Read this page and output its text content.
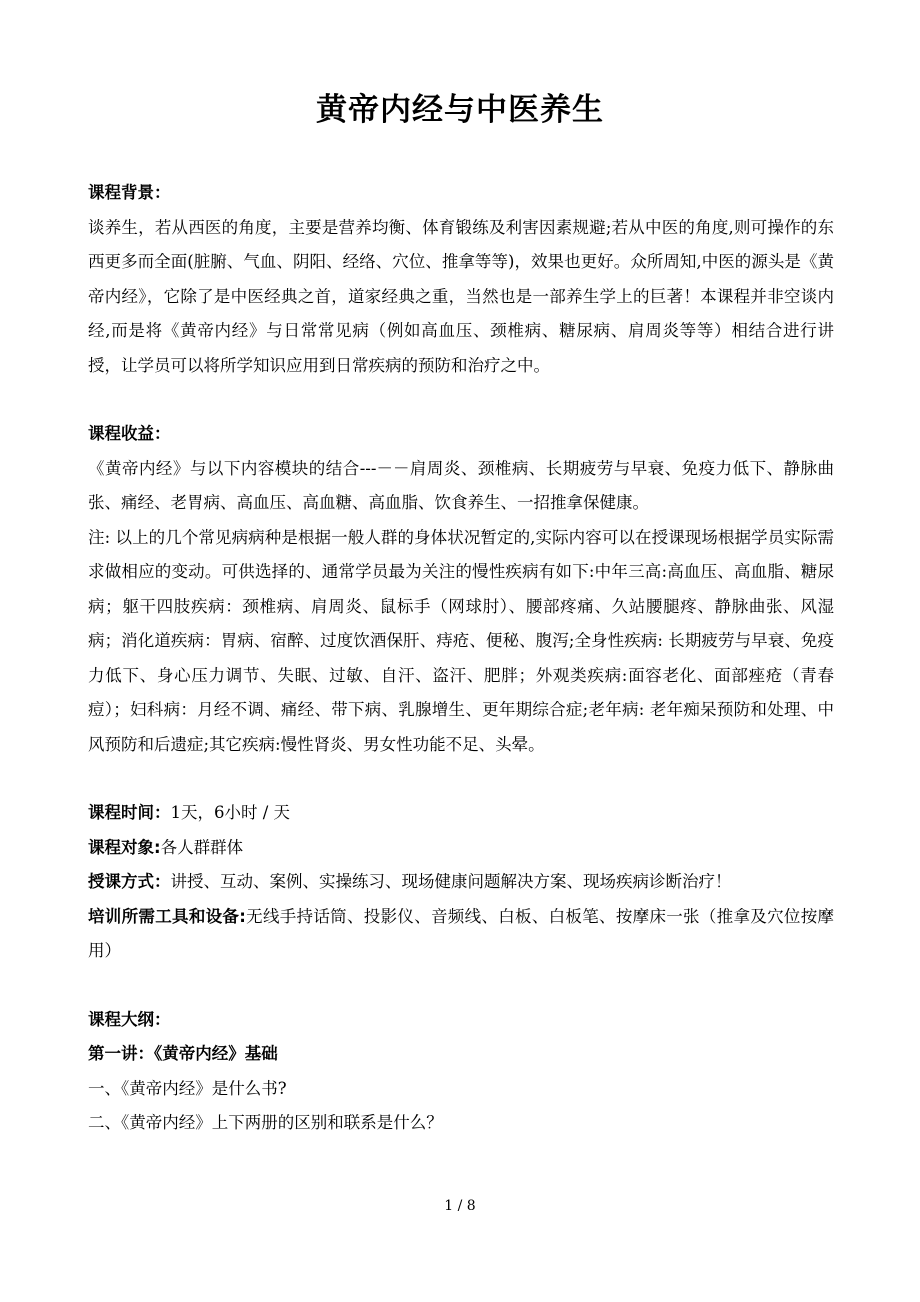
黄帝内经与中医养生

课程背景：

谈养生，若从西医的角度，主要是营养均衡、体育锻练及利害因素规避;若从中医的角度,则可操作的东西更多而全面(脏腑、气血、阴阳、经络、穴位、推拿等等)，效果也更好。众所周知,中医的源头是《黄帝内经》，它除了是中医经典之首，道家经典之重，当然也是一部养生学上的巨著！本课程并非空谈内经,而是将《黄帝内经》与日常常见病（例如高血压、颈椎病、糖尿病、肩周炎等等）相结合进行讲授，让学员可以将所学知识应用到日常疾病的预防和治疗之中。

课程收益：

《黄帝内经》与以下内容模块的结合---－－肩周炎、颈椎病、长期疲劳与早衰、免疫力低下、静脉曲张、痛经、老胃病、高血压、高血糖、高血脂、饮食养生、一招推拿保健康。

注: 以上的几个常见病病种是根据一般人群的身体状况暂定的,实际内容可以在授课现场根据学员实际需求做相应的变动。可供选择的、通常学员最为关注的慢性疾病有如下:中年三高:高血压、高血脂、糖尿病；躯干四肢疾病：颈椎病、肩周炎、鼠标手（网球肘）、腰部疼痛、久站腰腿疼、静脉曲张、风湿病；消化道疾病：胃病、宿醉、过度饮酒保肝、痔疮、便秘、腹泻;全身性疾病: 长期疲劳与早衰、免疫力低下、身心压力调节、失眠、过敏、自汗、盗汗、肥胖；外观类疾病:面容老化、面部痤疮（青春痘）；妇科病：月经不调、痛经、带下病、乳腺增生、更年期综合症;老年病: 老年痴呆预防和处理、中风预防和后遗症;其它疾病:慢性肾炎、男女性功能不足、头晕。

课程时间：1天，6小时 / 天

课程对象:各人群群体

授课方式：讲授、互动、案例、实操练习、现场健康问题解决方案、现场疾病诊断治疗！

培训所需工具和设备:无线手持话筒、投影仪、音频线、白板、白板笔、按摩床一张（推拿及穴位按摩用）

课程大纲：

第一讲：《黄帝内经》基础

一、《黄帝内经》是什么书?

二、《黄帝内经》上下两册的区别和联系是什么？

1 / 8
